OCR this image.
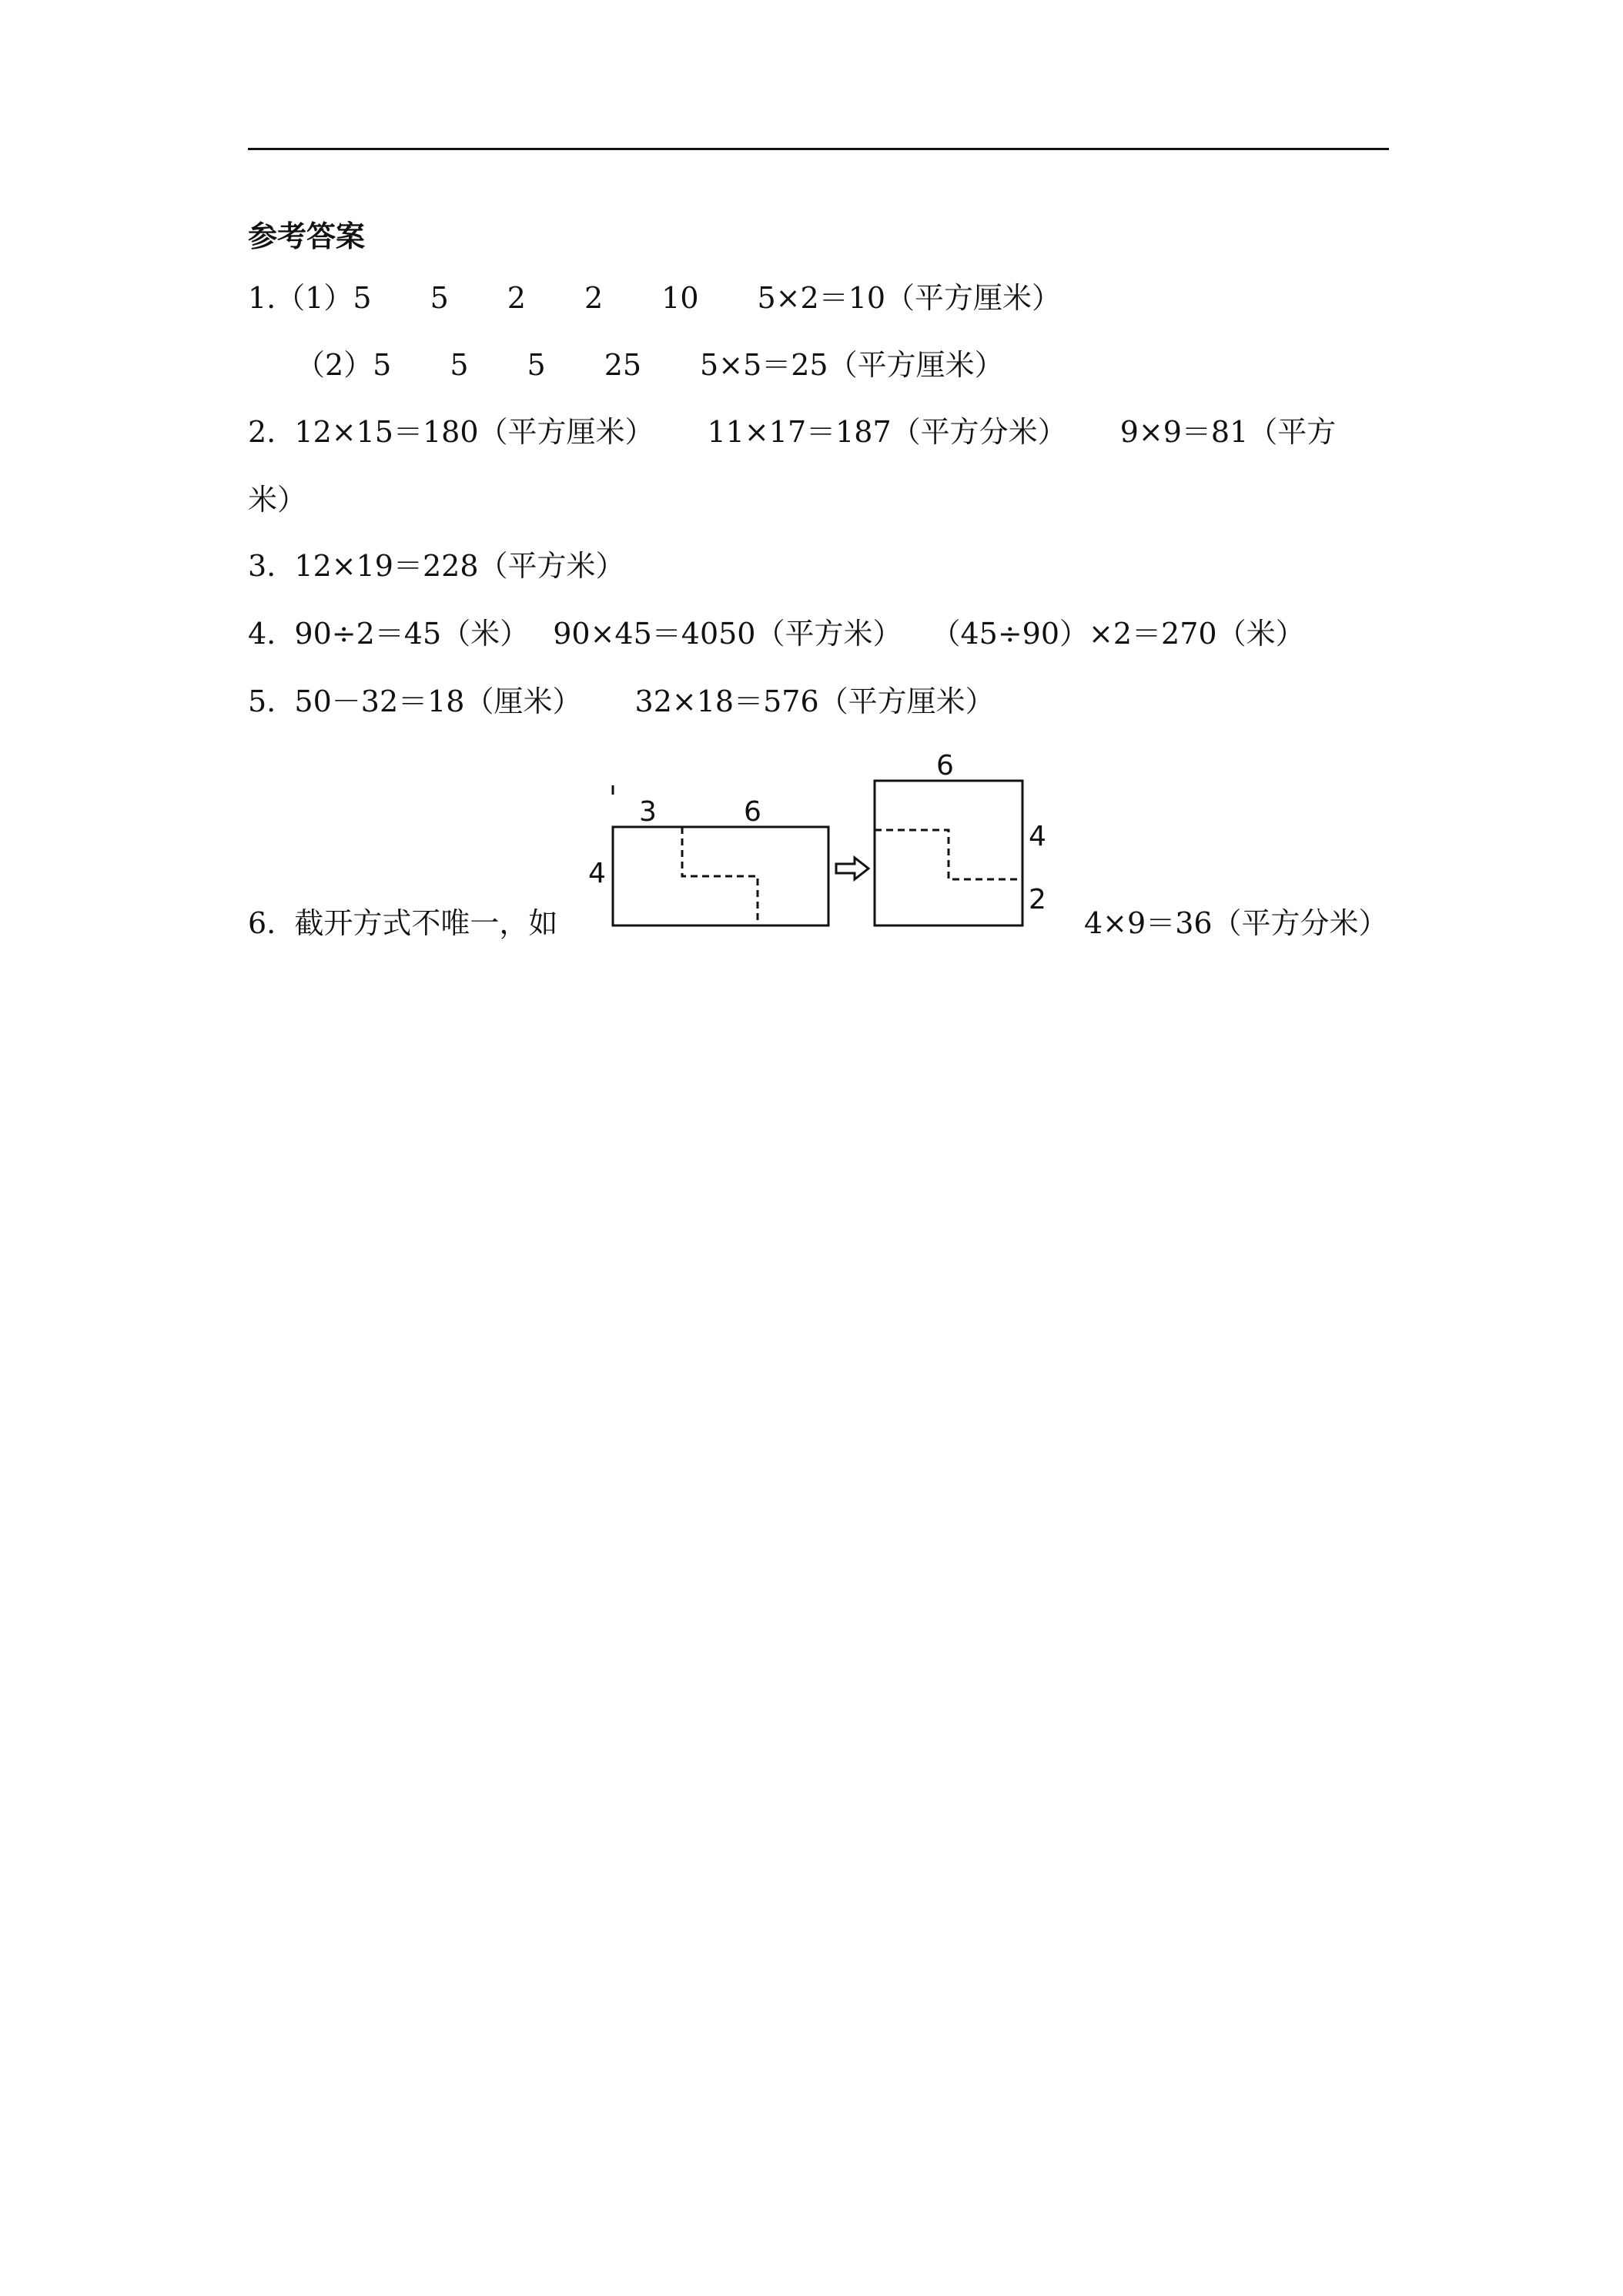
参考答案
1.（1）5　　5　　2　　2　　10　　5×2＝10（平方厘米）
（2）5　　5　　5　　25　　5×5＝25（平方厘米）
2.  12×15＝180（平方厘米）　　 11×17＝187（平方分米）　　 9×9＝81（平方
米）
3.  12×19＝228（平方米）
4.  90÷2＝45（米）　 90×45＝4050（平方米）　　（45÷90）×2＝270（米）
5.  50－32＝18（厘米）　　 32×18＝576（平方厘米）
6.  截开方式不唯一，如	4×9＝36（平方分米）
3	6
4
6
4
2
